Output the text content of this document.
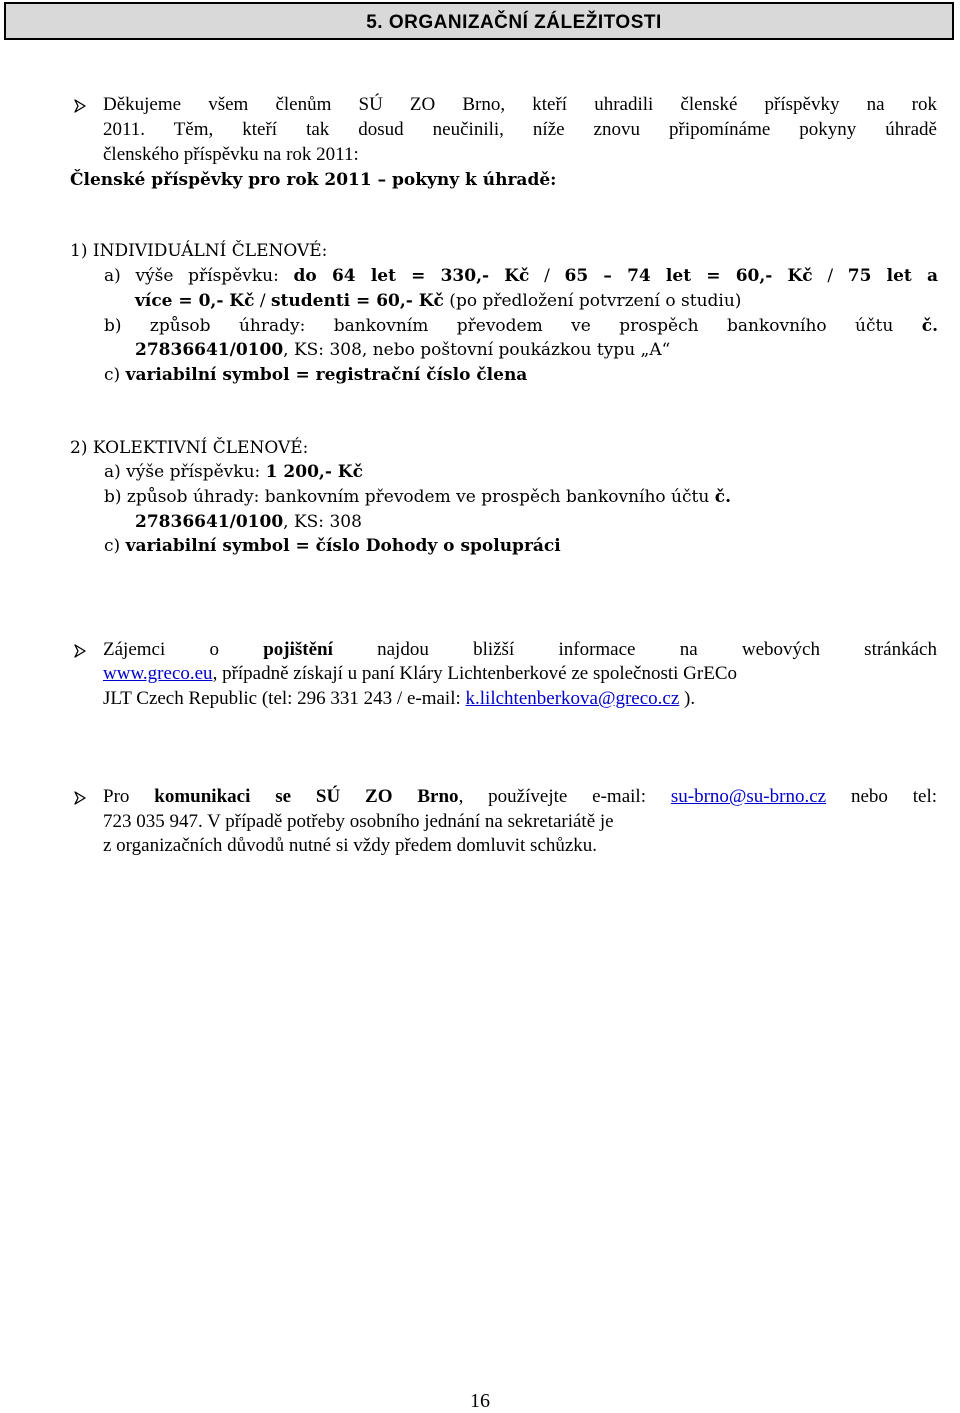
5. ORGANIZAČNÍ ZÁLEŽITOSTI
Děkujeme všem členům SÚ ZO Brno, kteří uhradili členské příspěvky na rok
2011. Těm, kteří tak dosud neučinili, níže znovu připomínáme pokyny úhradě
členského příspěvku na rok 2011:
Členské příspěvky pro rok 2011 – pokyny k úhradě:
1) INDIVIDUÁLNÍ ČLENOVÉ:
a) výše příspěvku: do 64 let = 330,- Kč / 65 – 74 let = 60,- Kč / 75 let a
více = 0,- Kč / studenti = 60,- Kč (po předložení potvrzení o studiu)
b) způsob úhrady: bankovním převodem ve prospěch bankovního účtu č.
27836641/0100, KS: 308, nebo poštovní poukázkou typu „A“
c) variabilní symbol = registrační číslo člena
2) KOLEKTIVNÍ ČLENOVÉ:
a) výše příspěvku: 1 200,- Kč
b) způsob úhrady: bankovním převodem ve prospěch bankovního účtu č.
27836641/0100, KS: 308
c) variabilní symbol = číslo Dohody o spolupráci
Zájemci o pojištění najdou bližší informace na webových stránkách
www.greco.eu, případně získají u paní Kláry Lichtenberkové ze společnosti GrECo
JLT Czech Republic (tel: 296 331 243 / e-mail: k.lilchtenberkova@greco.cz ).
Pro komunikaci se SÚ ZO Brno, používejte e-mail: su-brno@su-brno.cz nebo tel:
723 035 947. V případě potřeby osobního jednání na sekretariátě je
z organizačních důvodů nutné si vždy předem domluvit schůzku.
16
